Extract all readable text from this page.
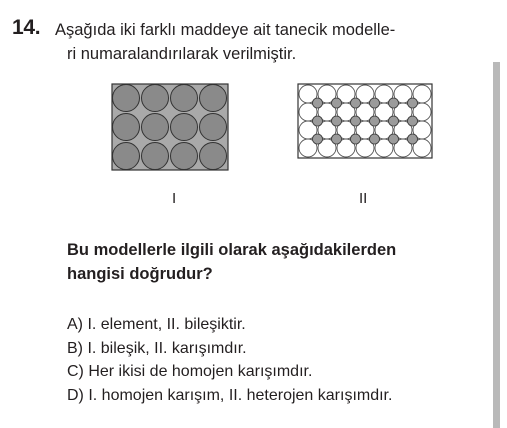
14. Aşağıda iki farklı maddeye ait tanecik modelle-
ri numaralandırılarak verilmiştir.
I	II
Bu modellerle ilgili olarak aşağıdakilerden
hangisi doğrudur?
A) I. element, II. bileşiktir.
B) I. bileşik, II. karışımdır.
C) Her ikisi de homojen karışımdır.
D) I. homojen karışım, II. heterojen karışımdır.
